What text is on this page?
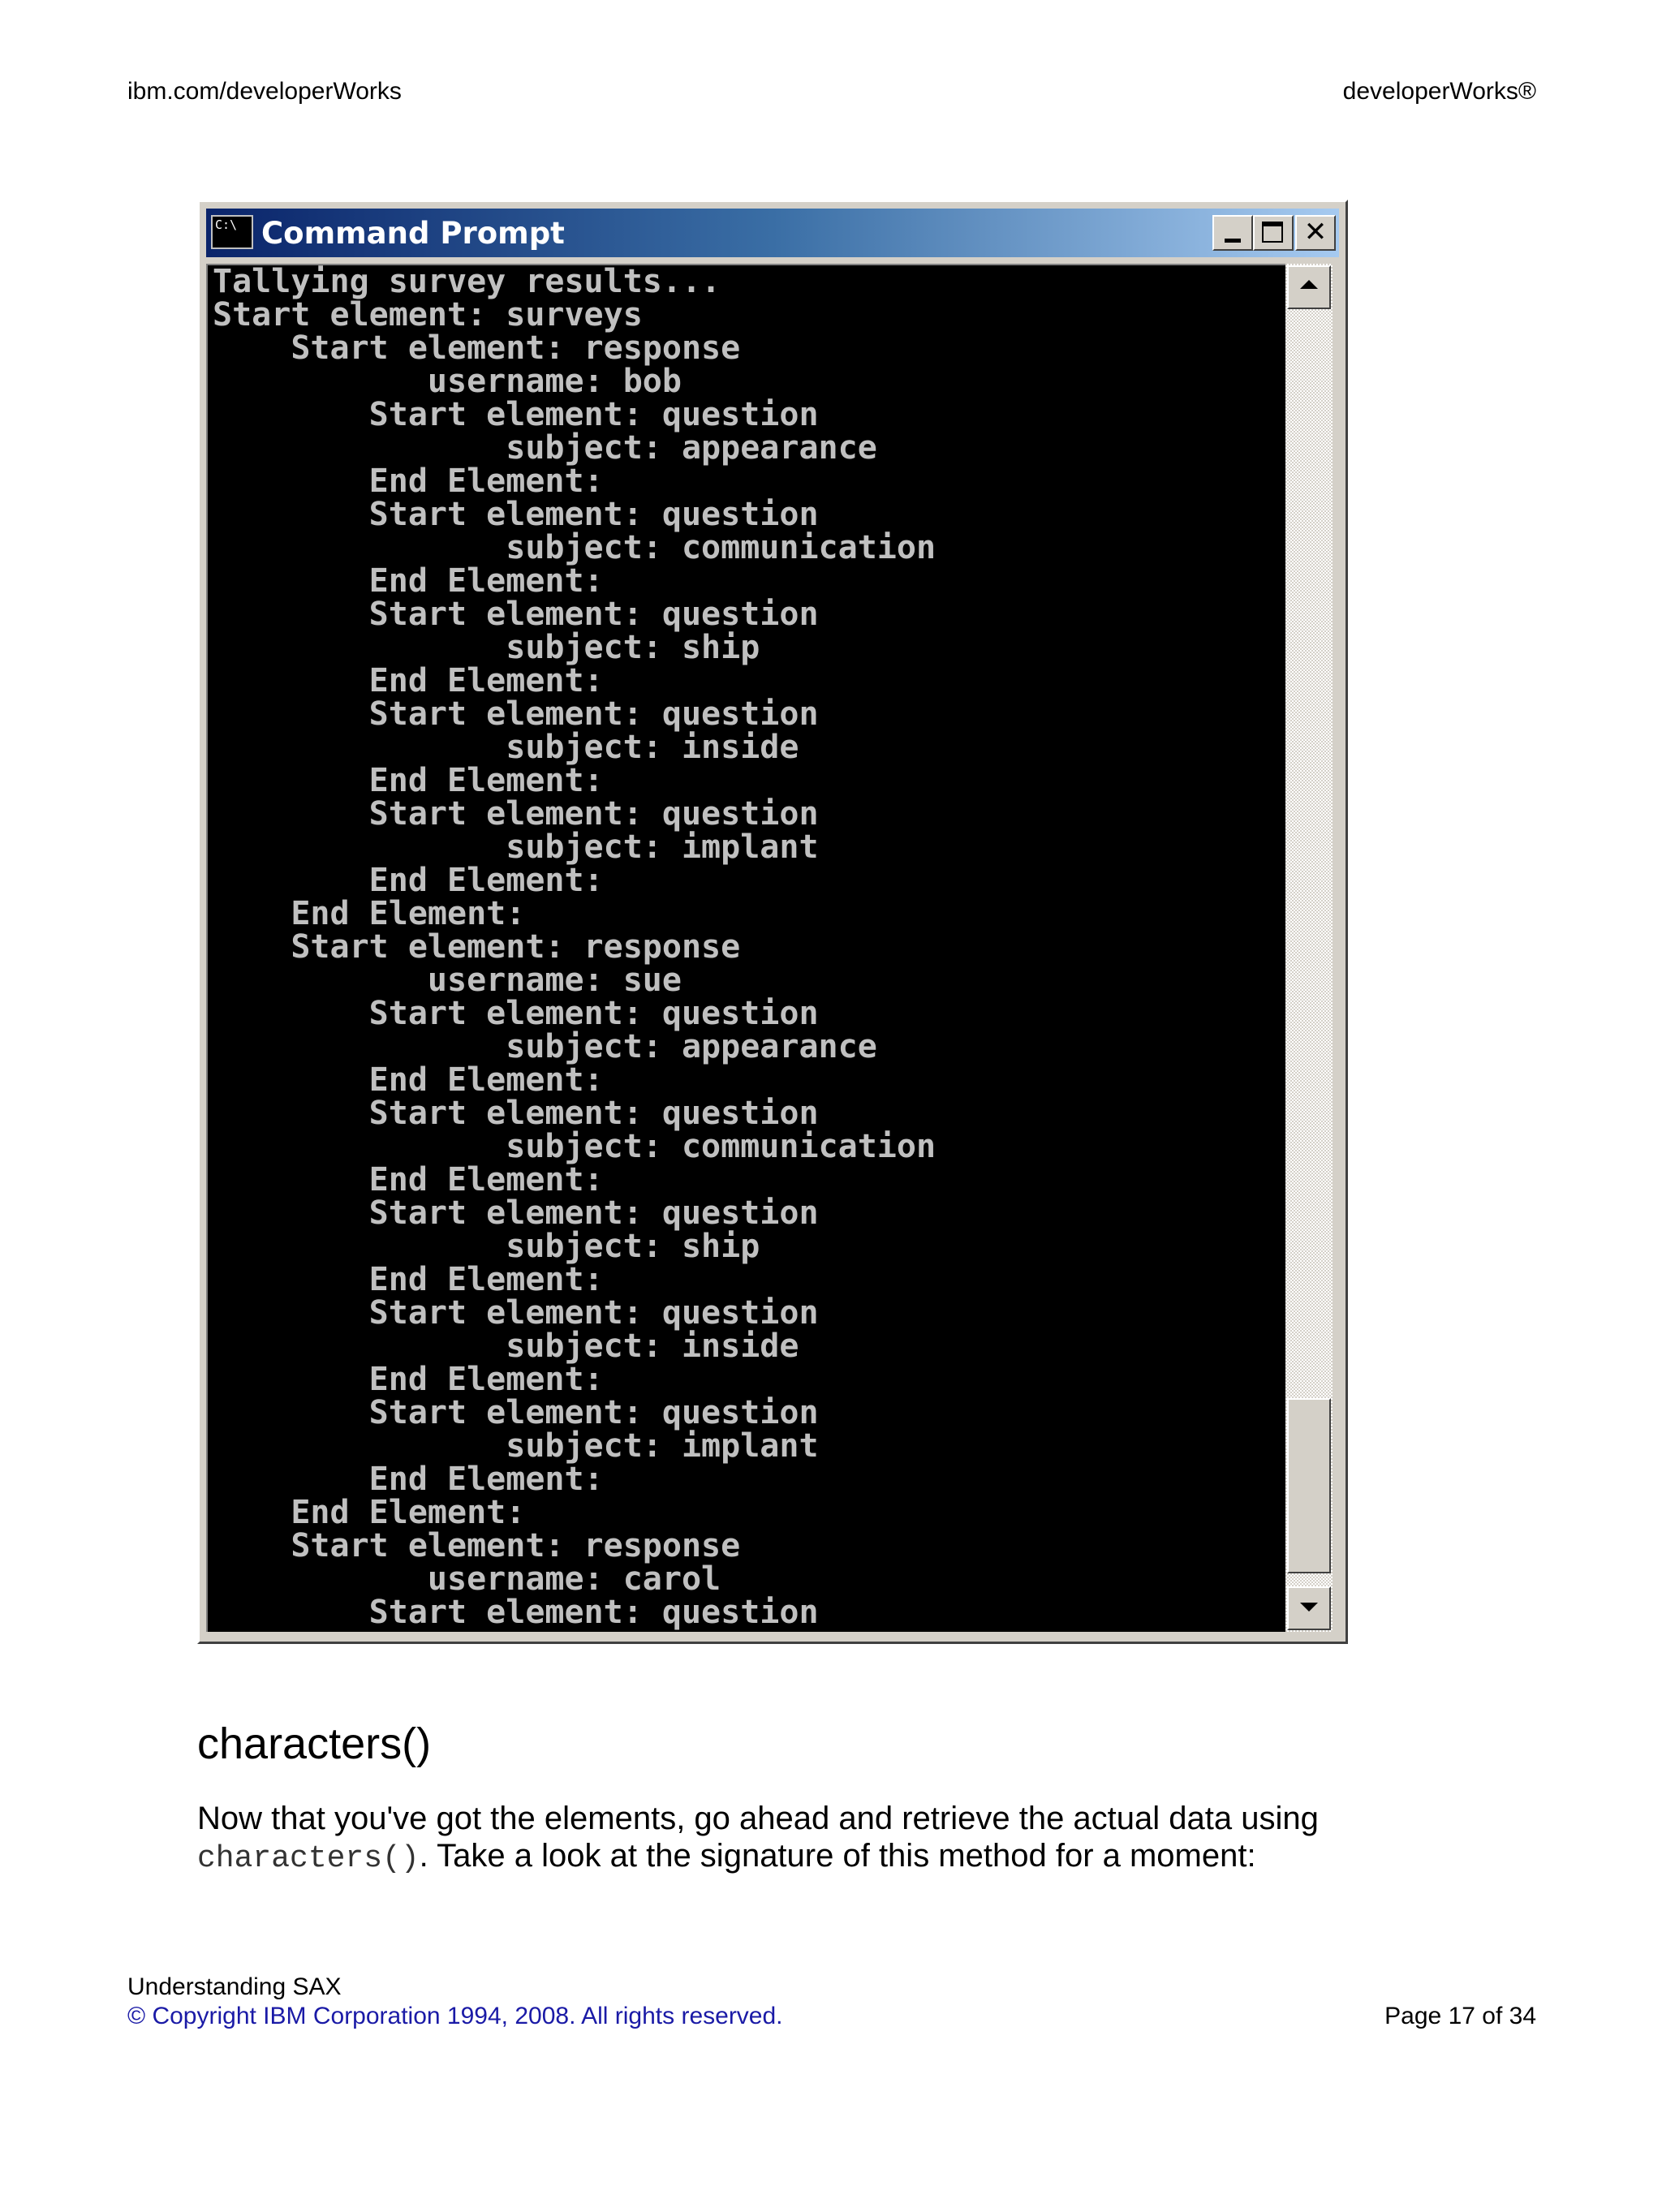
ibm.com/developerWorks	developerWorks®
C:\ Command Prompt	✕
Tallying survey results...
Start element: surveys
Start element: response
username: bob
Start element: question
subject: appearance
End Element:
Start element: question
subject: communication
End Element:
Start element: question
subject: ship
End Element:
Start element: question
subject: inside
End Element:
Start element: question
subject: implant
End Element:
End Element:
Start element: response
username: sue
Start element: question
subject: appearance
End Element:
Start element: question
subject: communication
End Element:
Start element: question
subject: ship
End Element:
Start element: question
subject: inside
End Element:
Start element: question
subject: implant
End Element:
End Element:
Start element: response
username: carol
Start element: question

characters()

Now that you've got the elements, go ahead and retrieve the actual data using characters(). Take a look at the signature of this method for a moment:

Understanding SAX
© Copyright IBM Corporation 1994, 2008. All rights reserved.	Page 17 of 34
